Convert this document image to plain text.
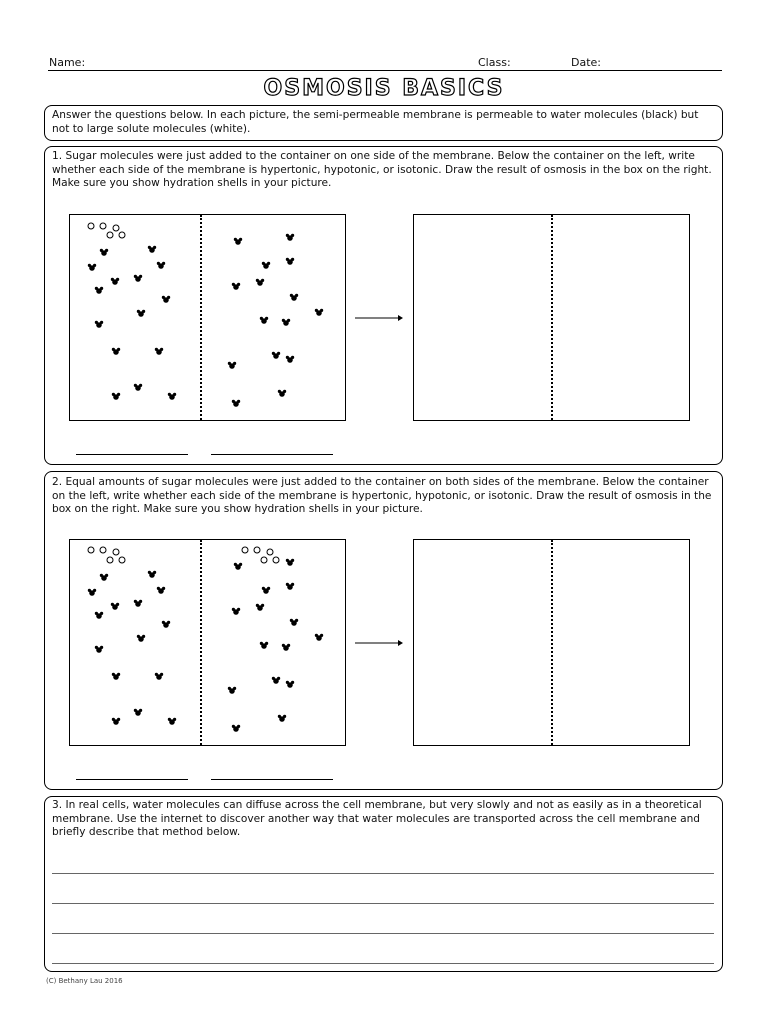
Name:	Class:	Date:
OSMOSIS BASICS
Answer the questions below. In each picture, the semi-permeable membrane is permeable to water molecules (black) but not to large solute molecules (white).
1. Sugar molecules were just added to the container on one side of the membrane. Below the container on the left, write whether each side of the membrane is hypertonic, hypotonic, or isotonic. Draw the result of osmosis in the box on the right. Make sure you show hydration shells in your picture.
2. Equal amounts of sugar molecules were just added to the container on both sides of the membrane. Below the container on the left, write whether each side of the membrane is hypertonic, hypotonic, or isotonic. Draw the result of osmosis in the box on the right. Make sure you show hydration shells in your picture.
3. In real cells, water molecules can diffuse across the cell membrane, but very slowly and not as easily as in a theoretical membrane. Use the internet to discover another way that water molecules are transported across the cell membrane and briefly describe that method below.
(C) Bethany Lau 2016
